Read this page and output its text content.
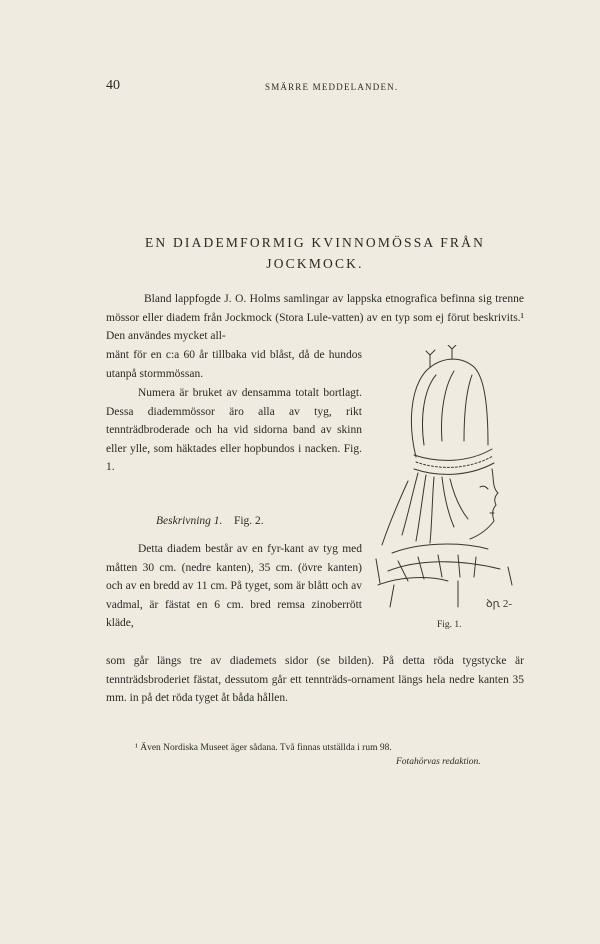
40	SMÄRRE MEDDELANDEN.
EN DIADEMFORMIG KVINNOMÖSSA FRÅN
JOCKMOCK.

Bland lappfogde J. O. Holms samlingar av lappska etnografica befinna sig trenne mössor eller diadem från Jockmock (Stora Lule-vatten) av en typ som ej förut beskrivits.¹ Den användes mycket all-

mänt för en c:a 60 år tillbaka vid blåst, då de hundos utanpå stormmössan.

Numera är bruket av densamma totalt bortlagt. Dessa diademmössor äro alla av tyg, rikt tennträdbroderade och ha vid sidorna band av skinn eller ylle, som häktades eller hopbundos i nacken. Fig. 1.

Beskrivning 1. Fig. 2.

Detta diadem består av en fyr-kant av tyg med måtten 30 cm. (nedre kanten), 35 cm. (övre kanten) och av en bredd av 11 cm. På tyget, som är blått och av vadmal, är fästat en 6 cm. bred remsa zinoberrött kläde,

som går längs tre av diademets sidor (se bilden). På detta röda tygstycke är tennträdsbroderiet fästat, dessutom går ett tennträds-ornament längs hela nedre kanten 35 mm. in på det röda tyget åt båda hållen.

ꝺꞃ 2-
Fig. 1.
¹ Även Nordiska Museet äger sådana. Två finnas utställda i rum 98.
Fotahörvas redaktion.
